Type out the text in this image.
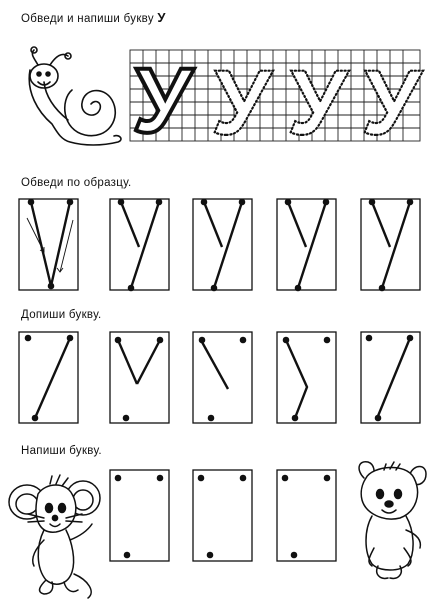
Обведи и напиши букву У
Обведи по образцу.
Допиши букву.
Напиши букву.
У У У У
